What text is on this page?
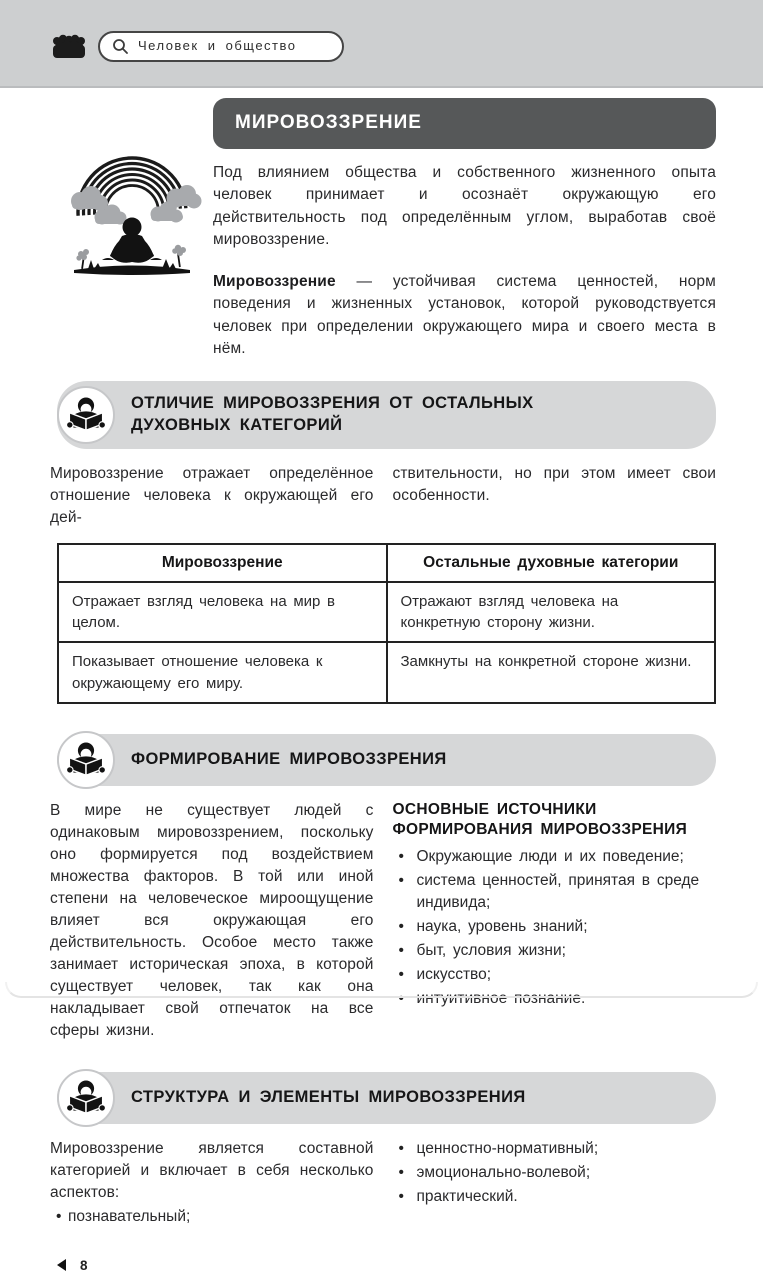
Человек и общество
МИРОВОЗЗРЕНИЕ

Под влиянием общества и собственного жизненного опыта человек принимает и осознаёт окружающую его действительность под определённым углом, выработав своё мировоззрение.

Мировоззрение — устойчивая система ценностей, норм поведения и жизненных установок, которой руководствуется человек при определении окружающего мира и своего места в нём.

ОТЛИЧИЕ МИРОВОЗЗРЕНИЯ ОТ ОСТАЛЬНЫХ ДУХОВНЫХ КАТЕГОРИЙ

Мировоззрение отражает определённое отношение человека к окружающей его дей-

ствительности, но при этом имеет свои особенности.

Мировоззрение	Остальные духовные категории
Отражает взгляд человека на мир в целом.	Отражают взгляд человека на конкретную сторону жизни.
Показывает отношение человека к окружающему его миру.	Замкнуты на конкретной стороне жизни.
ФОРМИРОВАНИЕ МИРОВОЗЗРЕНИЯ

В мире не существует людей с одинаковым мировоззрением, поскольку оно формируется под воздействием множества факторов. В той или иной степени на человеческое мироощущение влияет вся окружающая его действительность. Особое место также занимает историческая эпоха, в которой существует человек, так как она накладывает свой отпечаток на все сферы жизни.

ОСНОВНЫЕ ИСТОЧНИКИ ФОРМИРОВАНИЯ МИРОВОЗЗРЕНИЯ

• Окружающие люди и их поведение;
• система ценностей, принятая в среде индивида;
• наука, уровень знаний;
• быт, условия жизни;
• искусство;
• интуитивное познание.
СТРУКТУРА И ЭЛЕМЕНТЫ МИРОВОЗЗРЕНИЯ

Мировоззрение является составной категорией и включает в себя несколько аспектов:

• познавательный;
• ценностно-нормативный;
• эмоционально-волевой;
• практический.
8
